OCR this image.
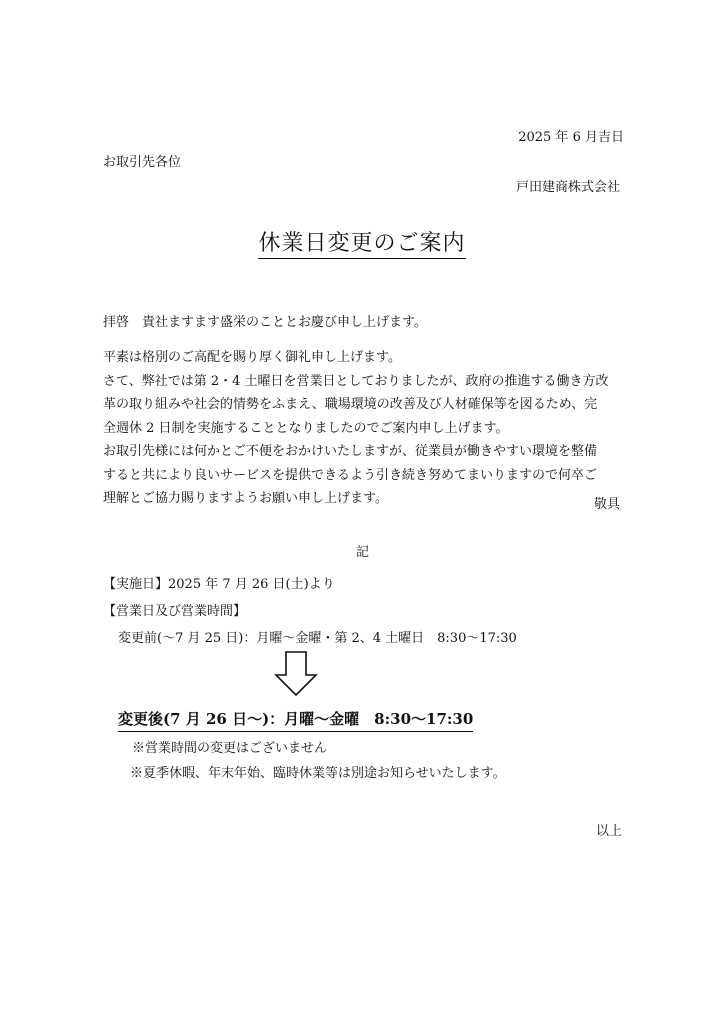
2025 年 6 月吉日
お取引先各位
戸田建商株式会社
休業日変更のご案内
拝啓　貴社ますます盛栄のこととお慶び申し上げます。
平素は格別のご高配を賜り厚く御礼申し上げます。
さて、弊社では第 2・4 土曜日を営業日としておりましたが、政府の推進する働き方改
革の取り組みや社会的情勢をふまえ、職場環境の改善及び人材確保等を図るため、完
全週休 2 日制を実施することとなりましたのでご案内申し上げます。
お取引先様には何かとご不便をおかけいたしますが、従業員が働きやすい環境を整備
すると共により良いサービスを提供できるよう引き続き努めてまいりますので何卒ご
理解とご協力賜りますようお願い申し上げます。	敬具
記
【実施日】2025 年 7 月 26 日(土)より
【営業日及び営業時間】
変更前(～7 月 25 日)：月曜～金曜・第 2、4 土曜日　8:30～17:30
変更後(7 月 26 日～)：月曜～金曜　8:30～17:30
※営業時間の変更はございません
※夏季休暇、年末年始、臨時休業等は別途お知らせいたします。
以上
